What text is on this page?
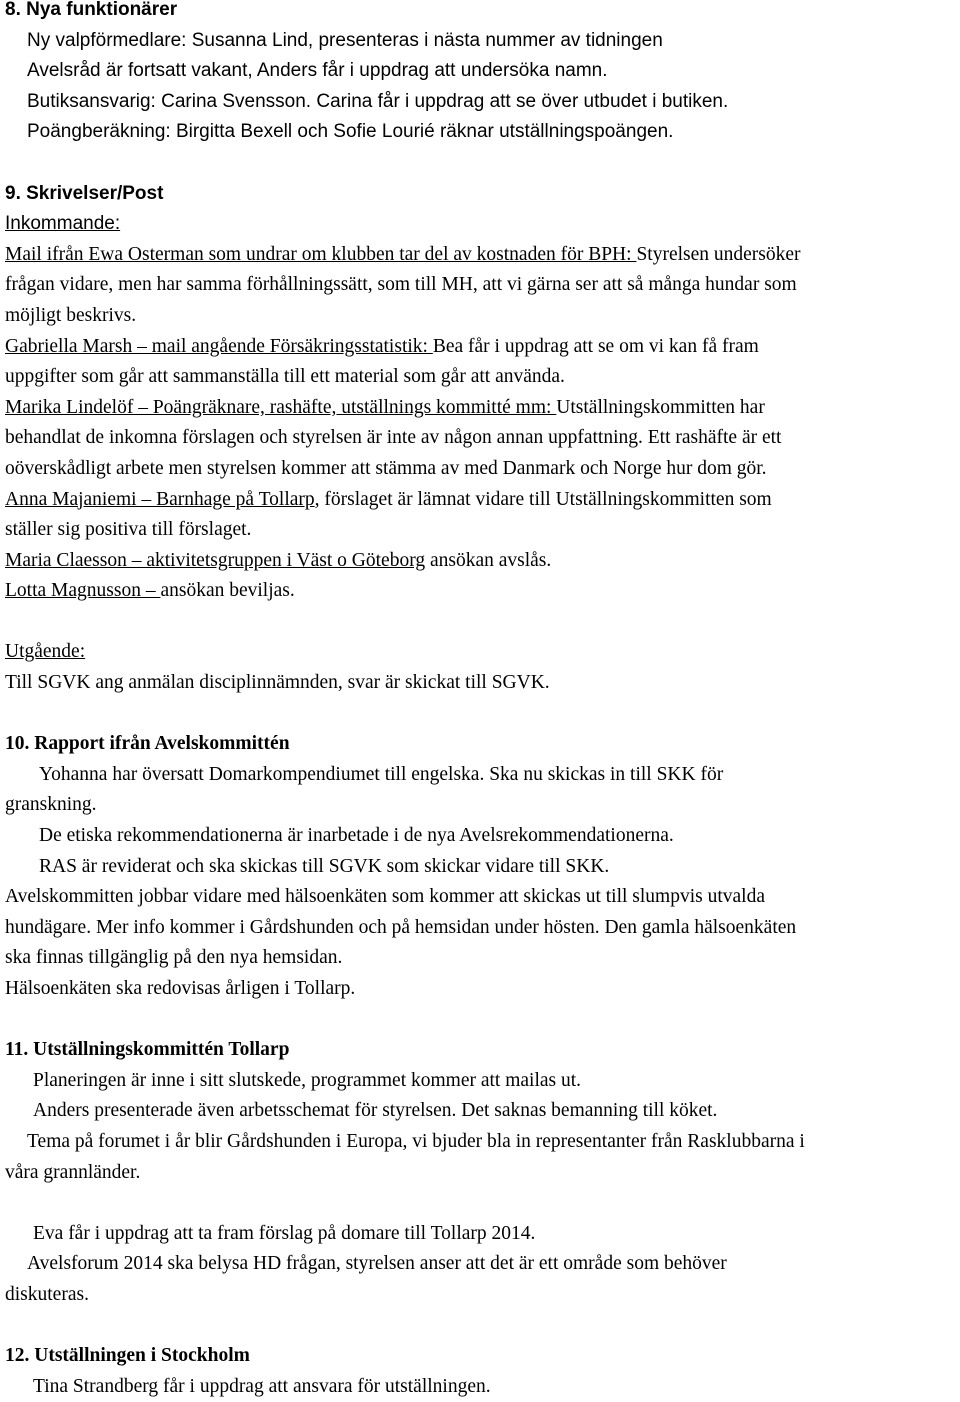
8. Nya funktionärer
Ny valpförmedlare: Susanna Lind, presenteras i nästa nummer av tidningen
Avelsråd är fortsatt vakant, Anders får i uppdrag att undersöka namn.
Butiksansvarig: Carina Svensson. Carina får i uppdrag att se över utbudet i butiken.
Poängberäkning: Birgitta Bexell och Sofie Lourié räknar utställningspoängen.
9. Skrivelser/Post
Inkommande:
Mail ifrån Ewa Osterman som undrar om klubben tar del av kostnaden för BPH: Styrelsen undersöker
frågan vidare, men har samma förhållningssätt, som till MH, att vi gärna ser att så många hundar som
möjligt beskrivs.
Gabriella Marsh – mail angående Försäkringsstatistik: Bea får i uppdrag att se om vi kan få fram
uppgifter som går att sammanställa till ett material som går att använda.
Marika Lindelöf – Poängräknare, rashäfte, utställnings kommitté mm: Utställningskommitten har
behandlat de inkomna förslagen och styrelsen är inte av någon annan uppfattning. Ett rashäfte är ett
oöverskådligt arbete men styrelsen kommer att stämma av med Danmark och Norge hur dom gör.
Anna Majaniemi – Barnhage på Tollarp, förslaget är lämnat vidare till Utställningskommitten som
ställer sig positiva till förslaget.
Maria Claesson – aktivitetsgruppen i Väst o Göteborg ansökan avslås.
Lotta Magnusson – ansökan beviljas.
Utgående:
Till SGVK ang anmälan disciplinnämnden, svar är skickat till SGVK.
10. Rapport ifrån Avelskommittén
Yohanna har översatt Domarkompendiumet till engelska. Ska nu skickas in till SKK för
granskning.
De etiska rekommendationerna är inarbetade i de nya Avelsrekommendationerna.
RAS är reviderat och ska skickas till SGVK som skickar vidare till SKK.
Avelskommitten jobbar vidare med hälsoenkäten som kommer att skickas ut till slumpvis utvalda
hundägare. Mer info kommer i Gårdshunden och på hemsidan under hösten. Den gamla hälsoenkäten
ska finnas tillgänglig på den nya hemsidan.
Hälsoenkäten ska redovisas årligen i Tollarp.
11. Utställningskommittén Tollarp
Planeringen är inne i sitt slutskede, programmet kommer att mailas ut.
Anders presenterade även arbetsschemat för styrelsen. Det saknas bemanning till köket.
Tema på forumet i år blir Gårdshunden i Europa, vi bjuder bla in representanter från Rasklubbarna i
våra grannländer.
Eva får i uppdrag att ta fram förslag på domare till Tollarp 2014.
Avelsforum 2014 ska belysa HD frågan, styrelsen anser att det är ett område som behöver
diskuteras.
12. Utställningen i Stockholm
Tina Strandberg får i uppdrag att ansvara för utställningen.
